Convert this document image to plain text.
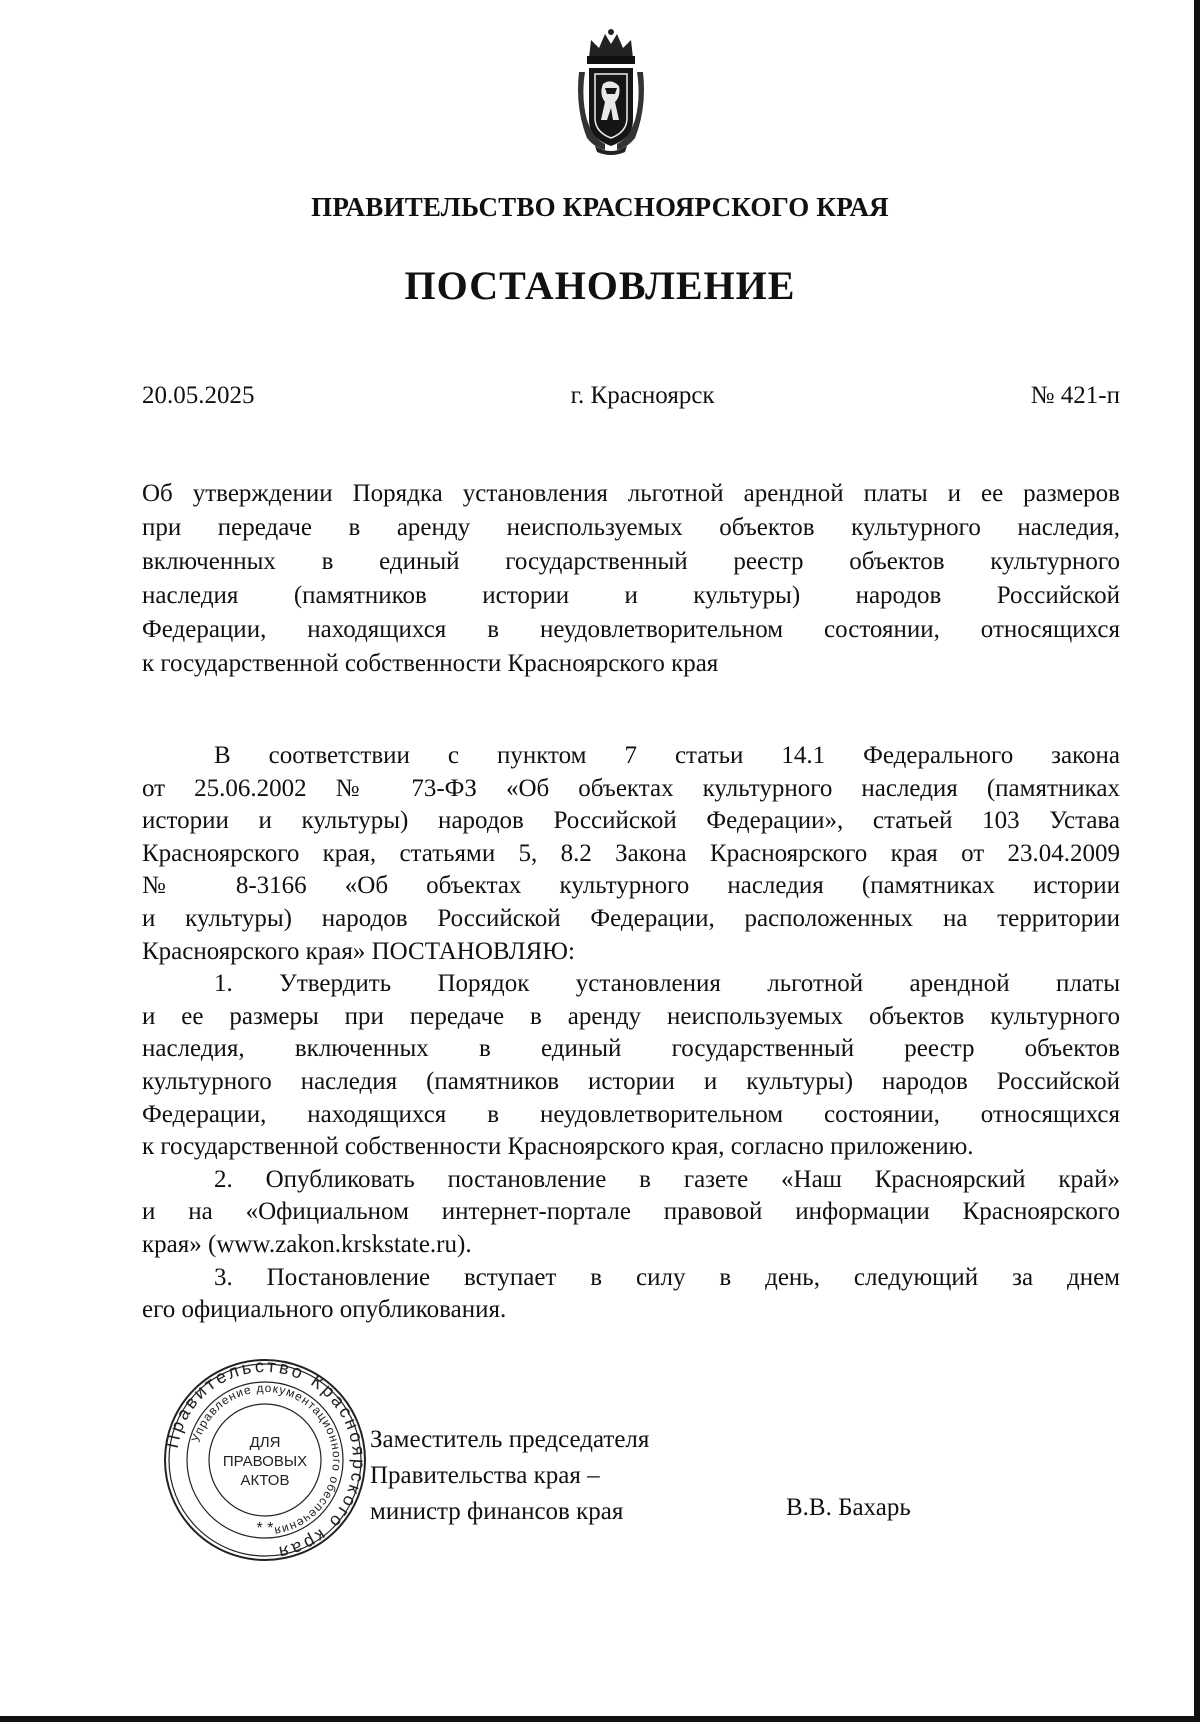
ПРАВИТЕЛЬСТВО КРАСНОЯРСКОГО КРАЯ
ПОСТАНОВЛЕНИЕ
20.05.2025	г. Красноярск	№ 421-п
Об утверждении Порядка установления льготной арендной платы и ее размеров
при передаче в аренду неиспользуемых объектов культурного наследия,
включенных в единый государственный реестр объектов культурного
наследия (памятников истории и культуры) народов Российской
Федерации, находящихся в неудовлетворительном состоянии, относящихся
к государственной собственности Красноярского края
В соответствии с пунктом 7 статьи 14.1 Федерального закона
от 25.06.2002 № 73-ФЗ «Об объектах культурного наследия (памятниках
истории и культуры) народов Российской Федерации», статьей 103 Устава
Красноярского края, статьями 5, 8.2 Закона Красноярского края от 23.04.2009
№ 8-3166 «Об объектах культурного наследия (памятниках истории
и культуры) народов Российской Федерации, расположенных на территории
Красноярского края» ПОСТАНОВЛЯЮ:
1. Утвердить Порядок установления льготной арендной платы
и ее размеры при передаче в аренду неиспользуемых объектов культурного
наследия, включенных в единый государственный реестр объектов
культурного наследия (памятников истории и культуры) народов Российской
Федерации, находящихся в неудовлетворительном состоянии, относящихся
к государственной собственности Красноярского края, согласно приложению.
2. Опубликовать постановление в газете «Наш Красноярский край»
и на «Официальном интернет-портале правовой информации Красноярского
края» (www.zakon.krskstate.ru).
3. Постановление вступает в силу в день, следующий за днем
его официального опубликования.
Правительство Красноярского края
Управление документационного обеспечения
ДЛЯ
ПРАВОВЫХ
АКТОВ
* *
Заместитель председателя
Правительства края –
министр финансов края	В.В. Бахарь
